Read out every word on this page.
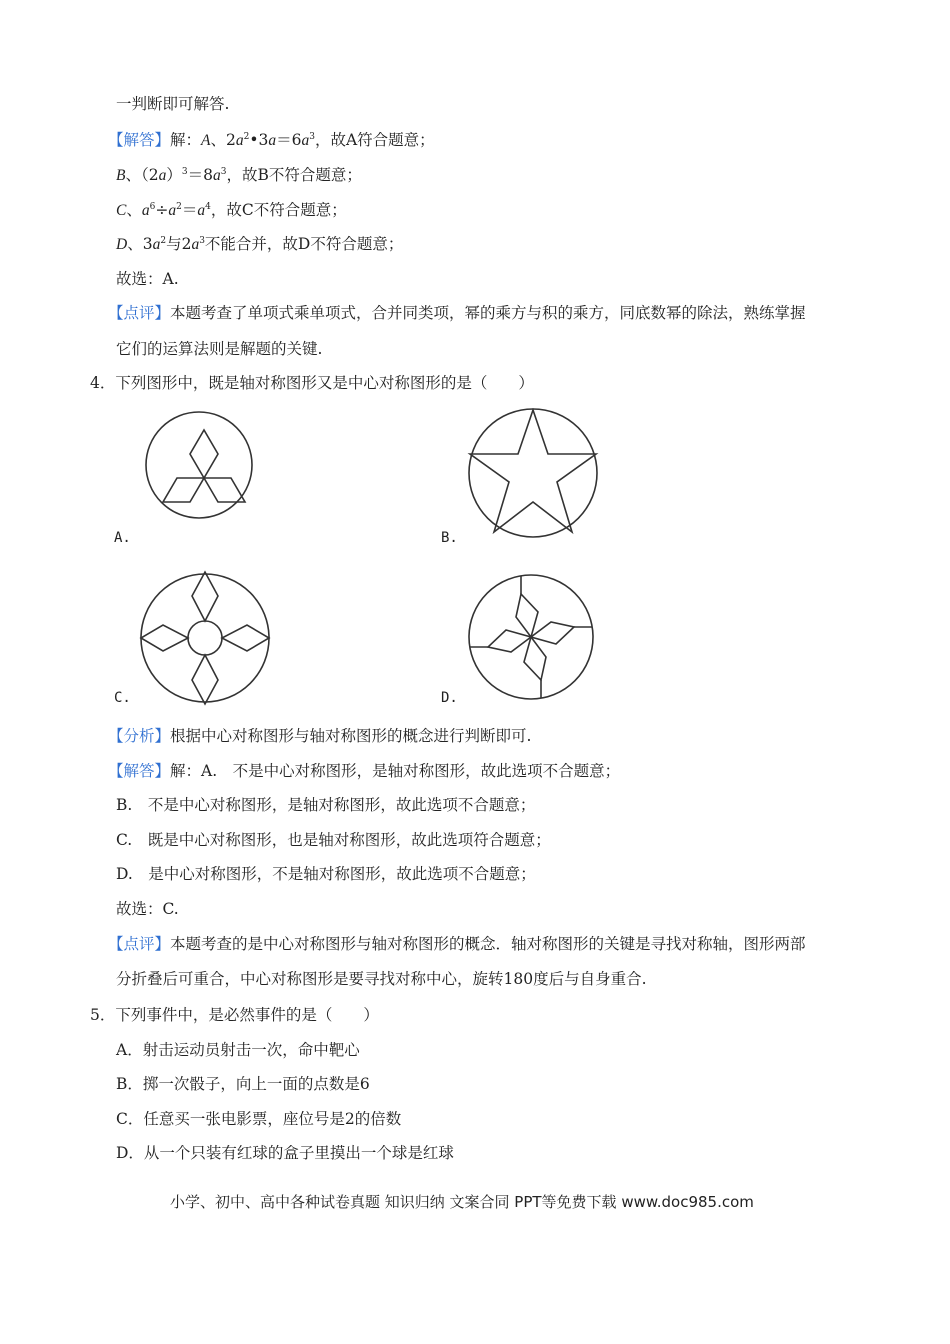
一判断即可解答.
【解答】解：A、$2a^2•3a=6a^3$，故A符合题意；
B、$(2a)^3=8a^3$，故B不符合题意；
C、$a^6\div a^2=a^4$，故C不符合题意；
D、$3a^2$与$2a^3$不能合并，故D不符合题意；
故选：A.
【点评】本题考查了单项式乘单项式，合并同类项，幂的乘方与积的乘方，同底数幂的除法，熟练掌握
它们的运算法则是解题的关键.
4．下列图形中，既是轴对称图形又是中心对称图形的是（　　）
A.	B.
C.	D.
【分析】根据中心对称图形与轴对称图形的概念进行判断即可.
【解答】解：A.　不是中心对称图形，是轴对称图形，故此选项不合题意；
B.　不是中心对称图形，是轴对称图形，故此选项不合题意；
C.　既是中心对称图形，也是轴对称图形，故此选项符合题意；
D.　是中心对称图形，不是轴对称图形，故此选项不合题意；
故选：C.
【点评】本题考查的是中心对称图形与轴对称图形的概念．轴对称图形的关键是寻找对称轴，图形两部
分折叠后可重合，中心对称图形是要寻找对称中心，旋转180度后与自身重合.
5．下列事件中，是必然事件的是（　　）
A．射击运动员射击一次，命中靶心
B．掷一次骰子，向上一面的点数是6
C．任意买一张电影票，座位号是2的倍数
D．从一个只装有红球的盒子里摸出一个球是红球
小学、初中、高中各种试卷真题 知识归纳 文案合同 PPT等免费下载 www.doc985.com
